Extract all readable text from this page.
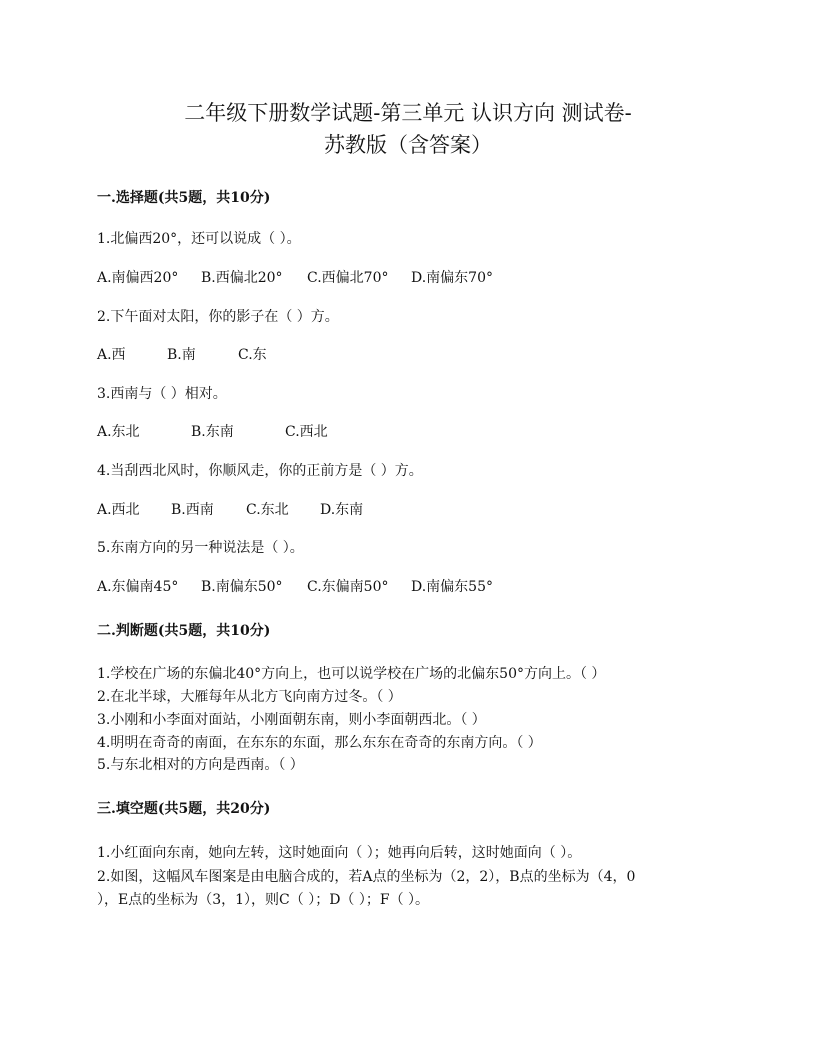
二年级下册数学试题-第三单元 认识方向 测试卷-
苏教版（含答案）
一.选择题(共5题，共10分)
1.北偏西20°，还可以说成（ ）。
A.南偏西20° B.西偏北20° C.西偏北70° D.南偏东70°
2.下午面对太阳，你的影子在（ ）方。
A.西	B.南	C.东
3.西南与（ ）相对。
A.东北	B.东南	C.西北
4.当刮西北风时，你顺风走，你的正前方是（ ）方。
A.西北 B.西南 C.东北 D.东南
5.东南方向的另一种说法是（ ）。
A.东偏南45° B.南偏东50° C.东偏南50° D.南偏东55°
二.判断题(共5题，共10分)
1.学校在广场的东偏北40°方向上，也可以说学校在广场的北偏东50°方向上。（ ）
2.在北半球，大雁每年从北方飞向南方过冬。（ ）
3.小刚和小李面对面站，小刚面朝东南，则小李面朝西北。（ ）
4.明明在奇奇的南面，在东东的东面，那么东东在奇奇的东南方向。（ ）
5.与东北相对的方向是西南。（ ）
三.填空题(共5题，共20分)
1.小红面向东南，她向左转，这时她面向（ ）；她再向后转，这时她面向（ ）。
2.如图，这幅风车图案是由电脑合成的，若A点的坐标为（2，2），B点的坐标为（4，0
），E点的坐标为（3，1），则C（ ）；D（ ）；F（ ）。
